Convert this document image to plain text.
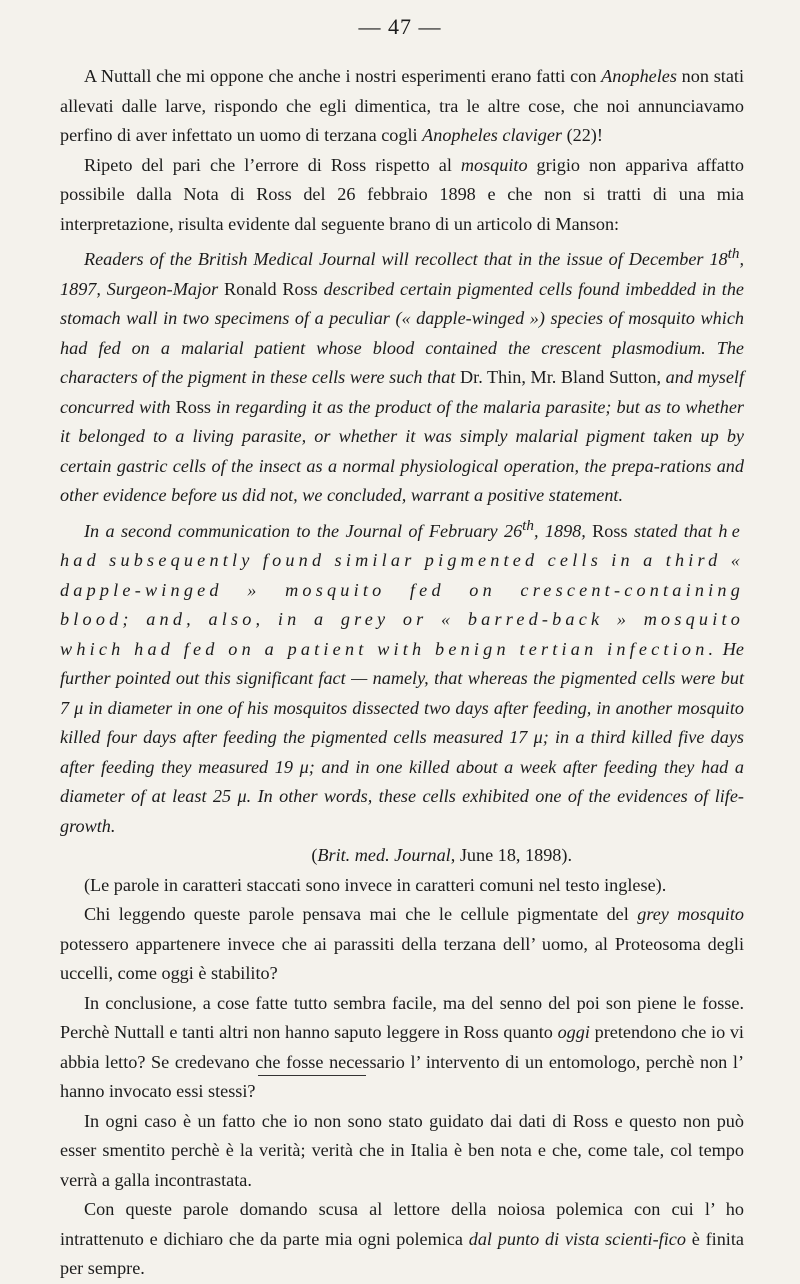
— 47 —

A Nuttall che mi oppone che anche i nostri esperimenti erano fatti con Anopheles non stati allevati dalle larve, rispondo che egli dimentica, tra le altre cose, che noi annunciavamo perfino di aver infettato un uomo di terzana cogli Anopheles claviger (22)!

Ripeto del pari che l’errore di Ross rispetto al mosquito grigio non appariva affatto possibile dalla Nota di Ross del 26 febbraio 1898 e che non si tratti di una mia interpretazione, risulta evidente dal seguente brano di un articolo di Manson:

Readers of the British Medical Journal will recollect that in the issue of December 18th, 1897, Surgeon-Major Ronald Ross described certain pigmented cells found imbedded in the stomach wall in two specimens of a peculiar (« dapple-winged ») species of mosquito which had fed on a malarial patient whose blood contained the crescent plasmodium. The characters of the pigment in these cells were such that Dr. Thin, Mr. Bland Sutton, and myself concurred with Ross in regarding it as the product of the malaria parasite; but as to whether it belonged to a living parasite, or whether it was simply malarial pigment taken up by certain gastric cells of the insect as a normal physiological operation, the prepa-rations and other evidence before us did not, we concluded, warrant a positive statement.

In a second communication to the Journal of February 26th, 1898, Ross stated that he had subsequently found similar pigmented cells in a third « dapple-winged » mosquito fed on crescent-containing blood; and, also, in a grey or « barred-back » mosquito which had fed on a patient with benign tertian infection. He further pointed out this significant fact — namely, that whereas the pigmented cells were but 7 μ in diameter in one of his mosquitos dissected two days after feeding, in another mosquito killed four days after feeding the pigmented cells measured 17 μ; in a third killed five days after feeding they measured 19 μ; and in one killed about a week after feeding they had a diameter of at least 25 μ. In other words, these cells exhibited one of the evidences of life-growth.

(Brit. med. Journal, June 18, 1898).

(Le parole in caratteri staccati sono invece in caratteri comuni nel testo inglese).

Chi leggendo queste parole pensava mai che le cellule pigmentate del grey mosquito potessero appartenere invece che ai parassiti della terzana dell’ uomo, al Proteosoma degli uccelli, come oggi è stabilito?

In conclusione, a cose fatte tutto sembra facile, ma del senno del poi son piene le fosse. Perchè Nuttall e tanti altri non hanno saputo leggere in Ross quanto oggi pretendono che io vi abbia letto? Se credevano che fosse necessario l’ intervento di un entomologo, perchè non l’ hanno invocato essi stessi?

In ogni caso è un fatto che io non sono stato guidato dai dati di Ross e questo non può esser smentito perchè è la verità; verità che in Italia è ben nota e che, come tale, col tempo verrà a galla incontrastata.

Con queste parole domando scusa al lettore della noiosa polemica con cui l’ ho intrattenuto e dichiaro che da parte mia ogni polemica dal punto di vista scienti-fico è finita per sempre.
